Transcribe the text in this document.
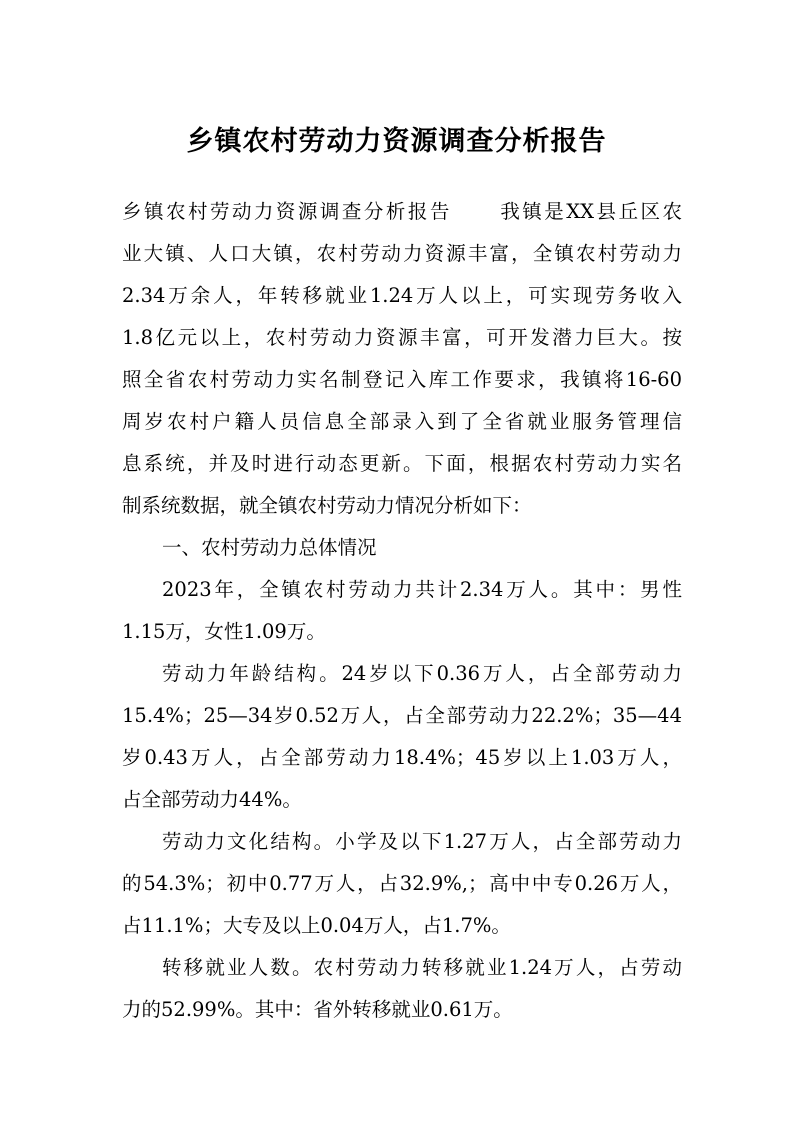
乡镇农村劳动力资源调查分析报告
乡镇农村劳动力资源调查分析报告 我镇是XX县丘区农
业大镇、人口大镇，农村劳动力资源丰富，全镇农村劳动力
2.34万余人，年转移就业1.24万人以上，可实现劳务收入
1.8亿元以上，农村劳动力资源丰富，可开发潜力巨大。按
照全省农村劳动力实名制登记入库工作要求，我镇将16-60
周岁农村户籍人员信息全部录入到了全省就业服务管理信
息系统，并及时进行动态更新。下面，根据农村劳动力实名
制系统数据，就全镇农村劳动力情况分析如下：
一、农村劳动力总体情况
2023年，全镇农村劳动力共计2.34万人。其中：男性
1.15万，女性1.09万。
劳动力年龄结构。24岁以下0.36万人，占全部劳动力
15.4%；25—34岁0.52万人，占全部劳动力22.2%；35—44
岁0.43万人，占全部劳动力18.4%；45岁以上1.03万人，
占全部劳动力44%。
劳动力文化结构。小学及以下1.27万人，占全部劳动力
的54.3%；初中0.77万人，占32.9%,；高中中专0.26万人，
占11.1%；大专及以上0.04万人，占1.7%。
转移就业人数。农村劳动力转移就业1.24万人，占劳动
力的52.99%。其中：省外转移就业0.61万。
